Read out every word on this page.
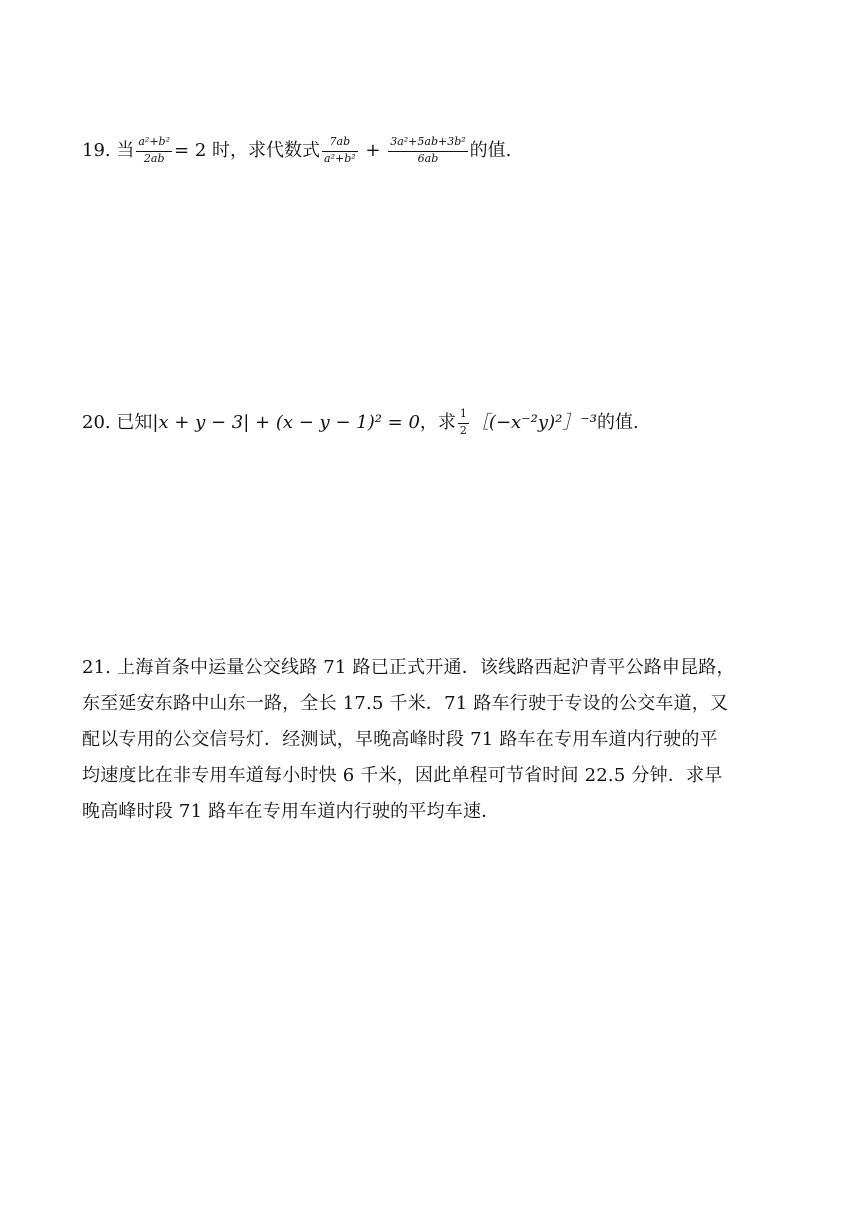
19. 当 $\frac{\text{a²+b²}}{2ab} = 2$ 时，求代数式 $\frac{7ab}{\text{a²+b²}} + \frac{\text{3a²+5ab+3b²}}{6ab}$ 的值.
20. 已知|x + y − 3| + (x − y − 1)² = 0，求 $\frac{1}{2}$ ［(−x⁻²y)²］⁻³的值.
21. 上海首条中运量公交线路 71 路已正式开通．该线路西起沪青平公路申昆路，
东至延安东路中山东一路，全长 17.5 千米．71 路车行驶于专设的公交车道，又
配以专用的公交信号灯．经测试，早晚高峰时段 71 路车在专用车道内行驶的平
均速度比在非专用车道每小时快 6 千米，因此单程可节省时间 22.5 分钟．求早
晚高峰时段 71 路车在专用车道内行驶的平均车速．
